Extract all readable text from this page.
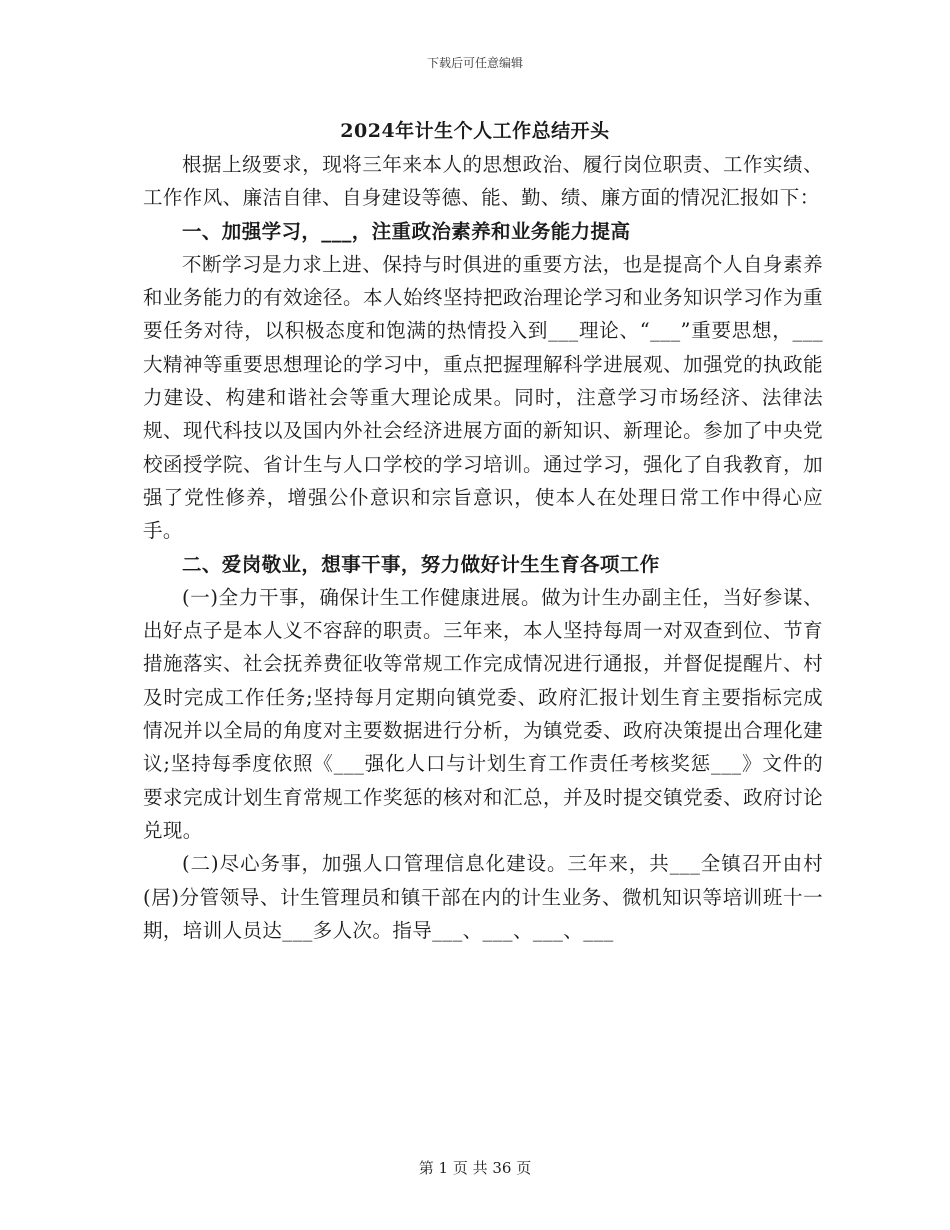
下载后可任意编辑
2024年计生个人工作总结开头

根据上级要求，现将三年来本人的思想政治、履行岗位职责、工作实绩、工作作风、廉洁自律、自身建设等德、能、勤、绩、廉方面的情况汇报如下：

一、加强学习，___，注重政治素养和业务能力提高

不断学习是力求上进、保持与时俱进的重要方法，也是提高个人自身素养和业务能力的有效途径。本人始终坚持把政治理论学习和业务知识学习作为重要任务对待，以积极态度和饱满的热情投入到___理论、“___”重要思想，___大精神等重要思想理论的学习中，重点把握理解科学进展观、加强党的执政能力建设、构建和谐社会等重大理论成果。同时，注意学习市场经济、法律法规、现代科技以及国内外社会经济进展方面的新知识、新理论。参加了中央党校函授学院、省计生与人口学校的学习培训。通过学习，强化了自我教育，加强了党性修养，增强公仆意识和宗旨意识，使本人在处理日常工作中得心应手。

二、爱岗敬业，想事干事，努力做好计生生育各项工作

(一)全力干事，确保计生工作健康进展。做为计生办副主任，当好参谋、出好点子是本人义不容辞的职责。三年来，本人坚持每周一对双查到位、节育措施落实、社会抚养费征收等常规工作完成情况进行通报，并督促提醒片、村及时完成工作任务;坚持每月定期向镇党委、政府汇报计划生育主要指标完成情况并以全局的角度对主要数据进行分析，为镇党委、政府决策提出合理化建议;坚持每季度依照《___强化人口与计划生育工作责任考核奖惩___》文件的要求完成计划生育常规工作奖惩的核对和汇总，并及时提交镇党委、政府讨论兑现。

(二)尽心务事，加强人口管理信息化建设。三年来，共___全镇召开由村(居)分管领导、计生管理员和镇干部在内的计生业务、微机知识等培训班十一期，培训人员达___多人次。指导___、___、___、___

第 1 页 共 36 页
